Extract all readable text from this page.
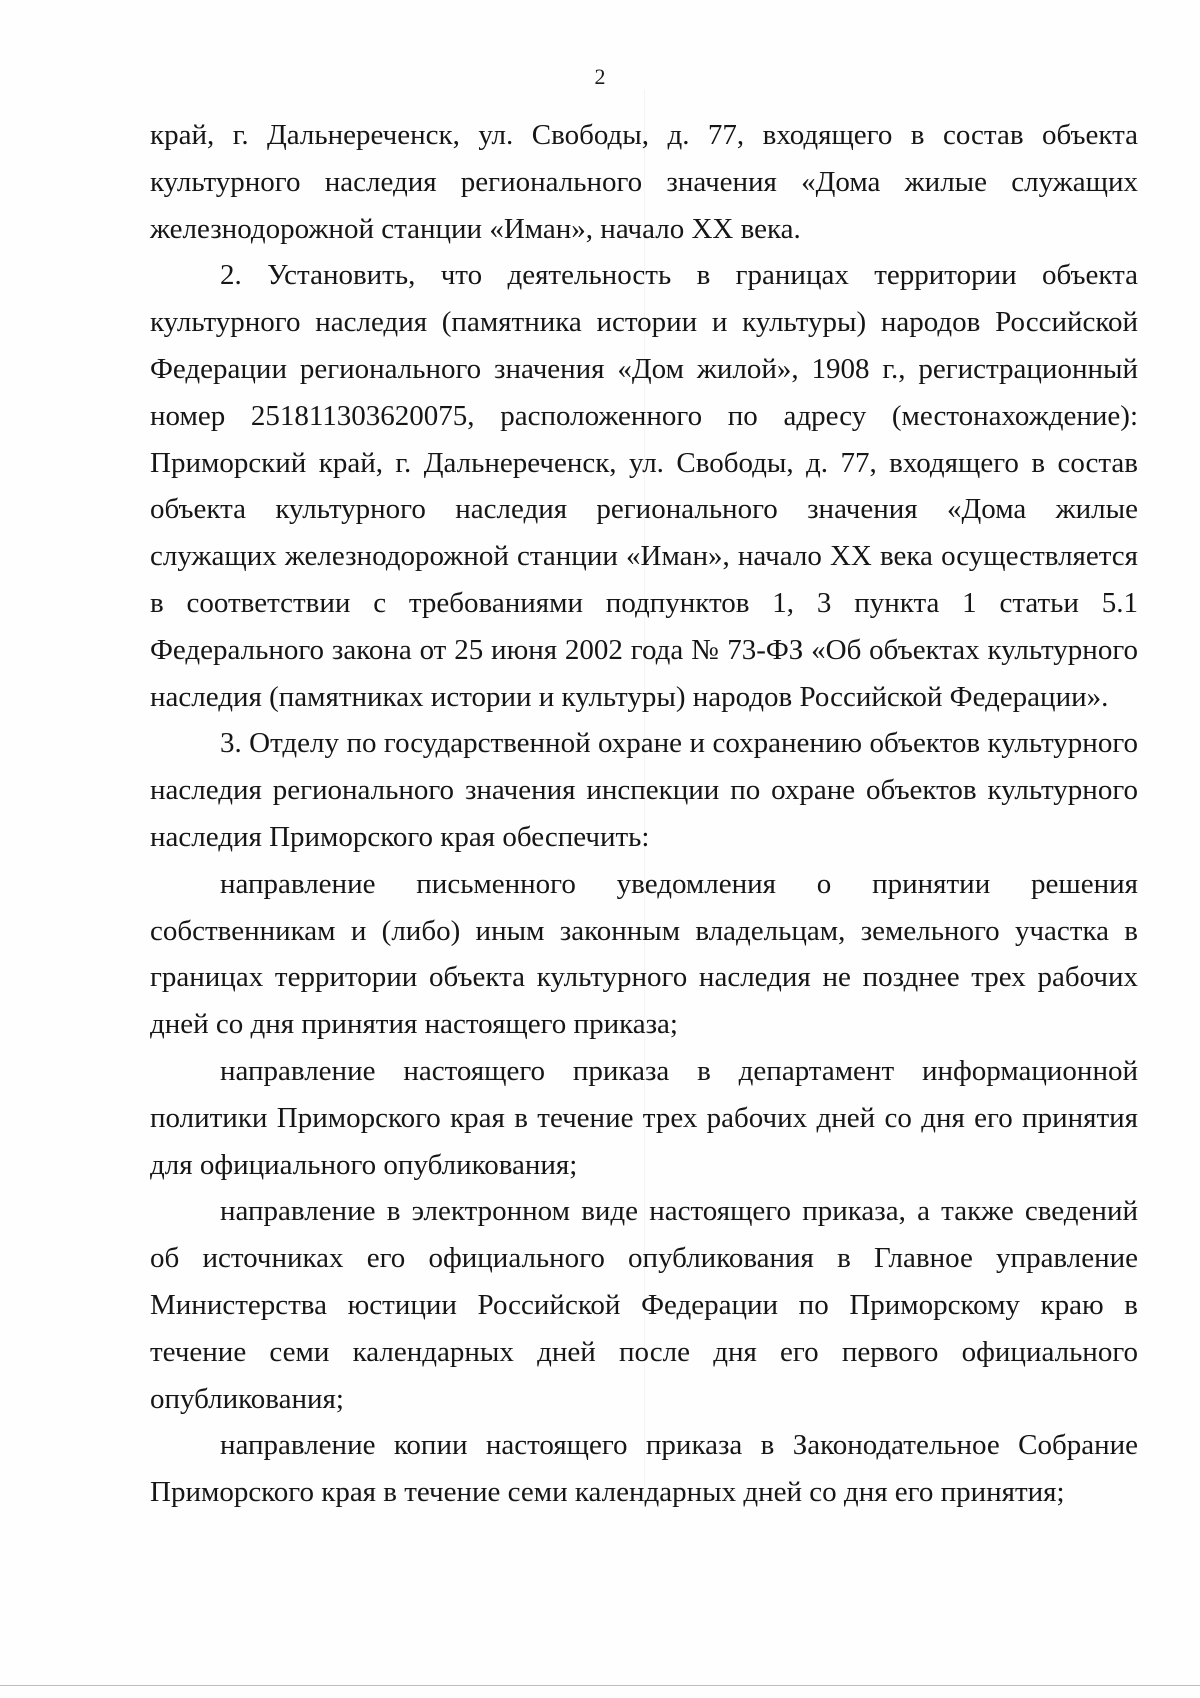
2

край, г. Дальнереченск, ул. Свободы, д. 77, входящего в состав объекта культурного наследия регионального значения «Дома жилые служащих железнодорожной станции «Иман», начало XX века.

2. Установить, что деятельность в границах территории объекта культурного наследия (памятника истории и культуры) народов Российской Федерации регионального значения «Дом жилой», 1908 г., регистрационный номер 251811303620075, расположенного по адресу (местонахождение): Приморский край, г. Дальнереченск, ул. Свободы, д. 77, входящего в состав объекта культурного наследия регионального значения «Дома жилые служащих железнодорожной станции «Иман», начало XX века осуществляется в соответствии с требованиями подпунктов 1, 3 пункта 1 статьи 5.1 Федерального закона от 25 июня 2002 года № 73-ФЗ «Об объектах культурного наследия (памятниках истории и культуры) народов Российской Федерации».

3. Отделу по государственной охране и сохранению объектов культурного наследия регионального значения инспекции по охране объектов культурного наследия Приморского края обеспечить:

направление письменного уведомления о принятии решения собственникам и (либо) иным законным владельцам, земельного участка в границах территории объекта культурного наследия не позднее трех рабочих дней со дня принятия настоящего приказа;

направление настоящего приказа в департамент информационной политики Приморского края в течение трех рабочих дней со дня его принятия для официального опубликования;

направление в электронном виде настоящего приказа, а также сведений об источниках его официального опубликования в Главное управление Министерства юстиции Российской Федерации по Приморскому краю в течение семи календарных дней после дня его первого официального опубликования;

направление копии настоящего приказа в Законодательное Собрание Приморского края в течение семи календарных дней со дня его принятия;
